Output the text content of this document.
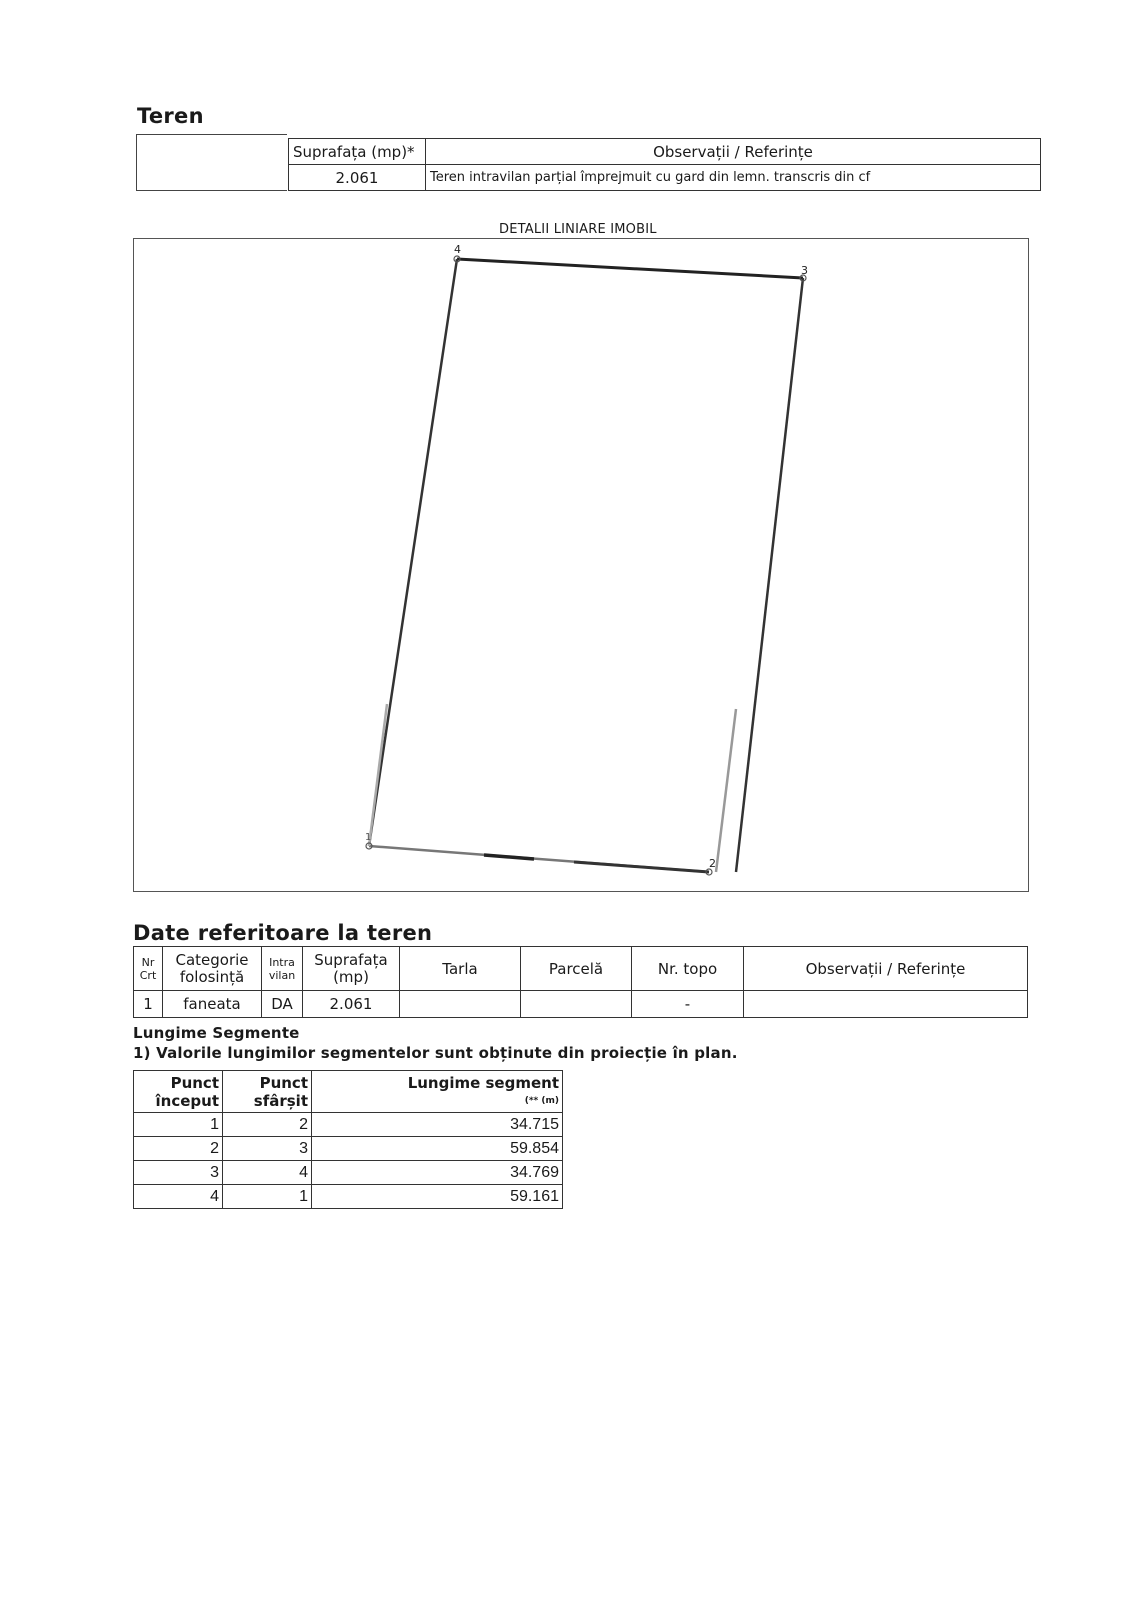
Teren
Suprafața (mp)*	Observații / Referințe
2.061	Teren intravilan parțial împrejmuit cu gard din lemn. transcris din cf
DETALII LINIARE IMOBIL
1
2
3
4
Date referitoare la teren
Nr Crt	Categorie folosință	Intra vilan	Suprafața (mp)	Tarla	Parcelă	Nr. topo	Observații / Referințe
1	faneata	DA	2.061			-	
Lungime Segmente
1) Valorile lungimilor segmentelor sunt obținute din proiecție în plan.
Punct început	Punct sfârșit	Lungime segment
(** (m)

1	2	34.715
2	3	59.854
3	4	34.769
4	1	59.161
